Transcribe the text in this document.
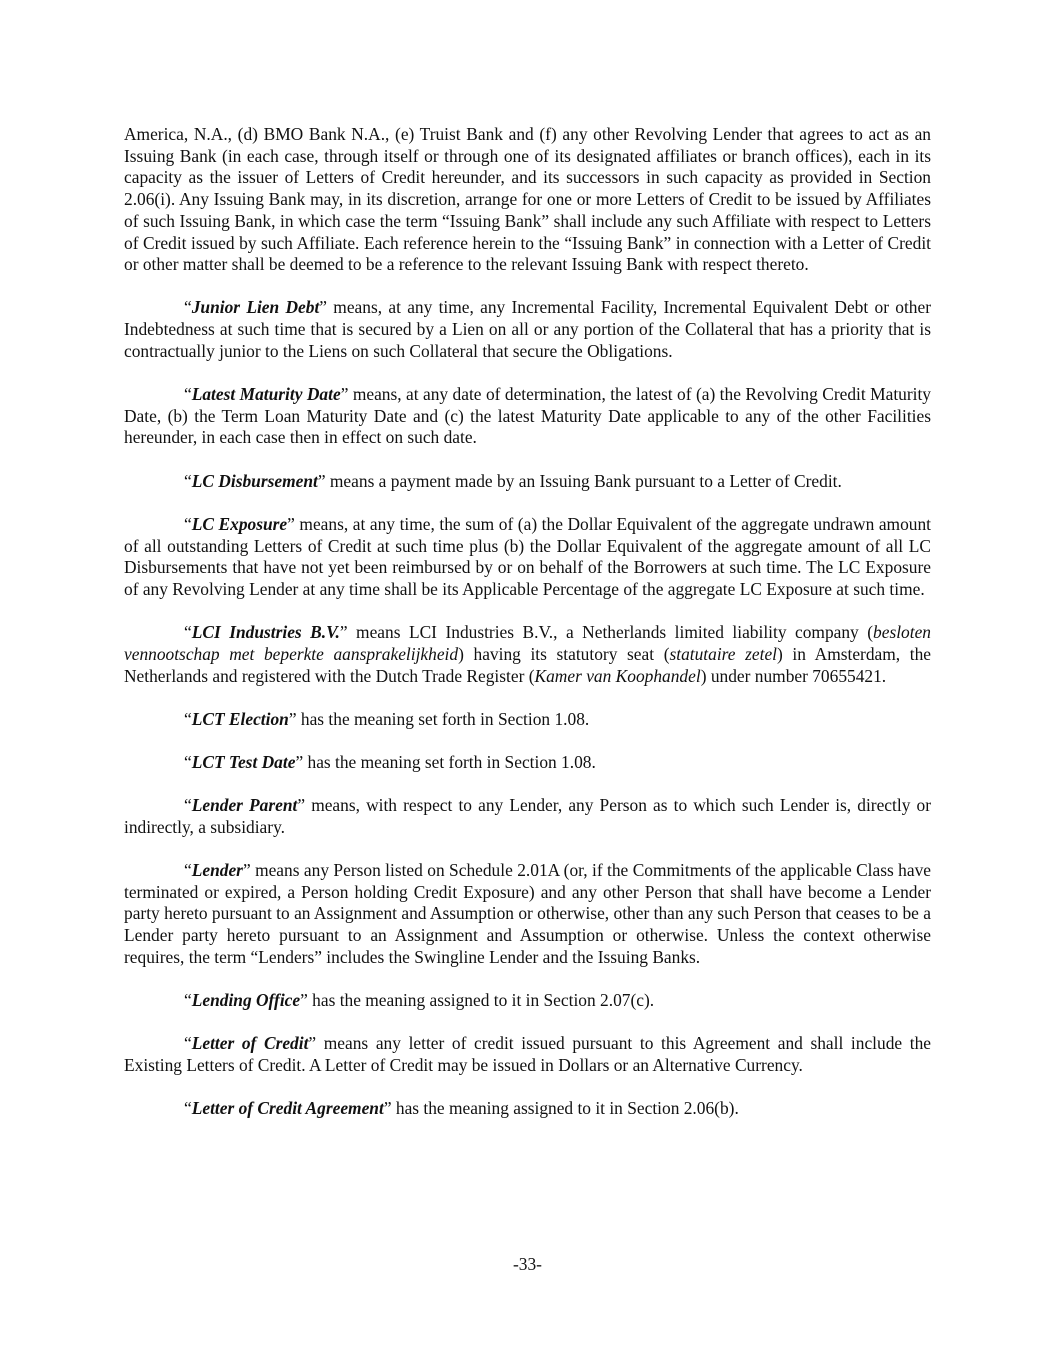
America, N.A., (d) BMO Bank N.A., (e) Truist Bank and (f) any other Revolving Lender that agrees to act as an Issuing Bank (in each case, through itself or through one of its designated affiliates or branch offices), each in its capacity as the issuer of Letters of Credit hereunder, and its successors in such capacity as provided in Section 2.06(i). Any Issuing Bank may, in its discretion, arrange for one or more Letters of Credit to be issued by Affiliates of such Issuing Bank, in which case the term “Issuing Bank” shall include any such Affiliate with respect to Letters of Credit issued by such Affiliate. Each reference herein to the “Issuing Bank” in connection with a Letter of Credit or other matter shall be deemed to be a reference to the relevant Issuing Bank with respect thereto.

“Junior Lien Debt” means, at any time, any Incremental Facility, Incremental Equivalent Debt or other Indebtedness at such time that is secured by a Lien on all or any portion of the Collateral that has a priority that is contractually junior to the Liens on such Collateral that secure the Obligations.

“Latest Maturity Date” means, at any date of determination, the latest of (a) the Revolving Credit Maturity Date, (b) the Term Loan Maturity Date and (c) the latest Maturity Date applicable to any of the other Facilities hereunder, in each case then in effect on such date.

“LC Disbursement” means a payment made by an Issuing Bank pursuant to a Letter of Credit.

“LC Exposure” means, at any time, the sum of (a) the Dollar Equivalent of the aggregate undrawn amount of all outstanding Letters of Credit at such time plus (b) the Dollar Equivalent of the aggregate amount of all LC Disbursements that have not yet been reimbursed by or on behalf of the Borrowers at such time. The LC Exposure of any Revolving Lender at any time shall be its Applicable Percentage of the aggregate LC Exposure at such time.

“LCI Industries B.V.” means LCI Industries B.V., a Netherlands limited liability company (besloten vennootschap met beperkte aansprakelijkheid) having its statutory seat (statutaire zetel) in Amsterdam, the Netherlands and registered with the Dutch Trade Register (Kamer van Koophandel) under number 70655421.

“LCT Election” has the meaning set forth in Section 1.08.

“LCT Test Date” has the meaning set forth in Section 1.08.

“Lender Parent” means, with respect to any Lender, any Person as to which such Lender is, directly or indirectly, a subsidiary.

“Lender” means any Person listed on Schedule 2.01A (or, if the Commitments of the applicable Class have terminated or expired, a Person holding Credit Exposure) and any other Person that shall have become a Lender party hereto pursuant to an Assignment and Assumption or otherwise, other than any such Person that ceases to be a Lender party hereto pursuant to an Assignment and Assumption or otherwise. Unless the context otherwise requires, the term “Lenders” includes the Swingline Lender and the Issuing Banks.

“Lending Office” has the meaning assigned to it in Section 2.07(c).

“Letter of Credit” means any letter of credit issued pursuant to this Agreement and shall include the Existing Letters of Credit. A Letter of Credit may be issued in Dollars or an Alternative Currency.

“Letter of Credit Agreement” has the meaning assigned to it in Section 2.06(b).

-33-
